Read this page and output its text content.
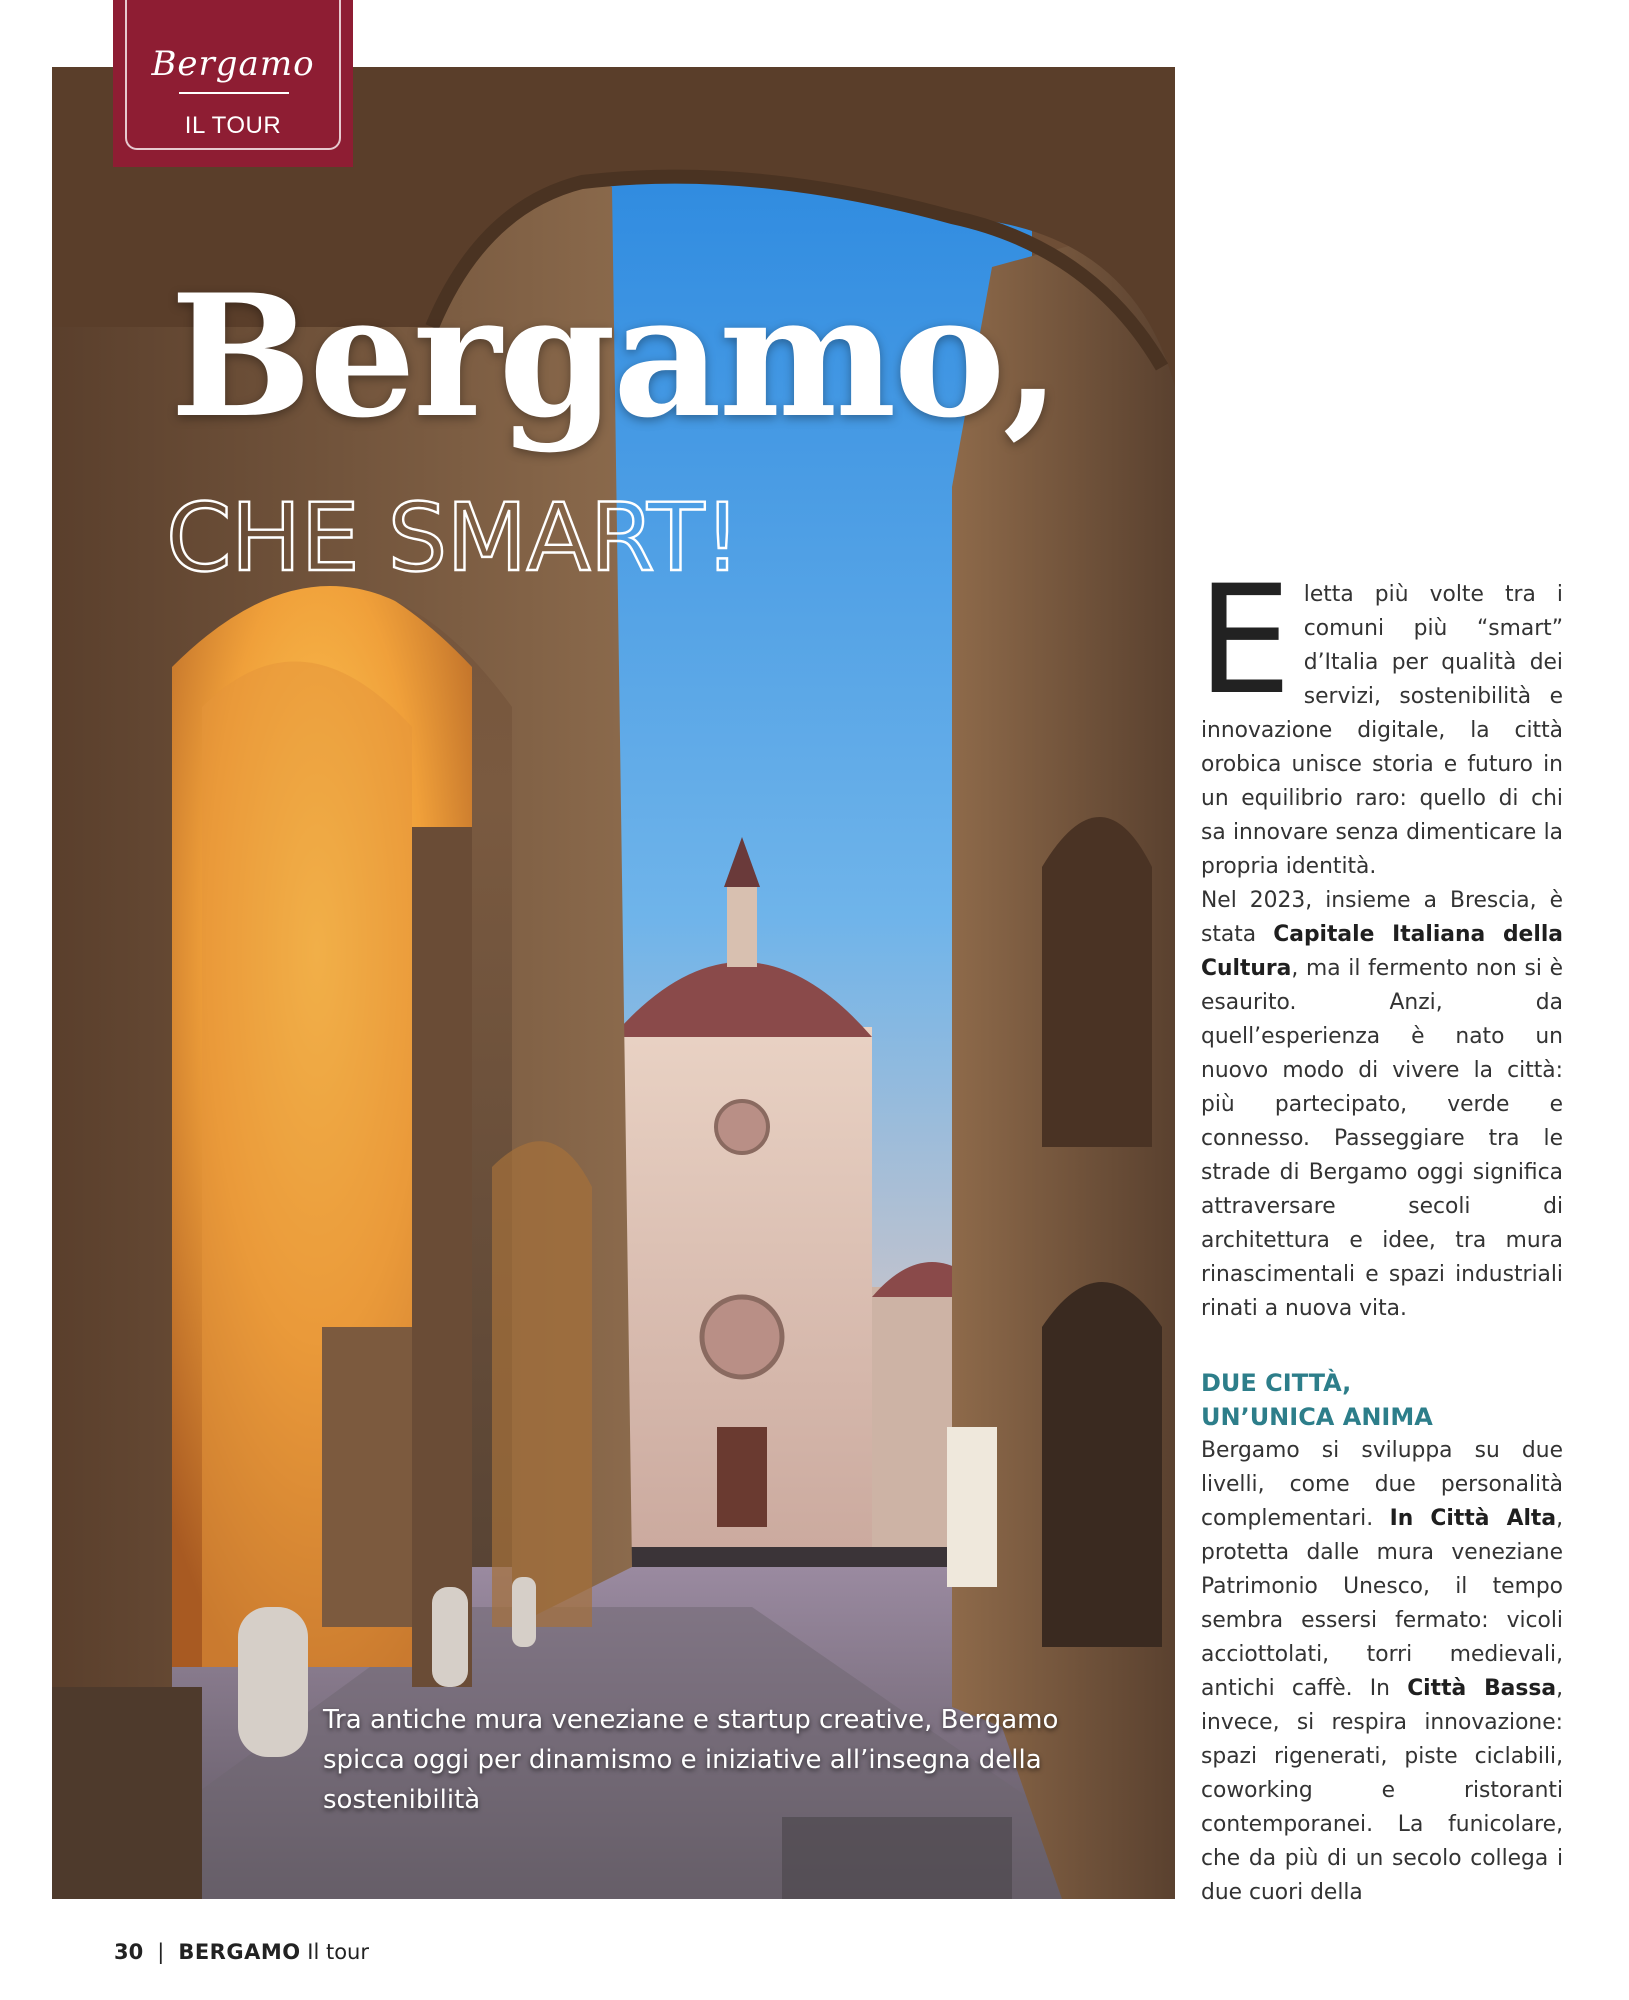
Bergamo
IL TOUR
Bergamo,
CHE SMART!

Tra antiche mura veneziane e startup creative, Bergamo spicca oggi per dinamismo e iniziative all’insegna della sostenibilità

Eletta più volte tra i comuni più “smart” d’Italia per qualità dei servizi, sostenibilità e innovazione digitale, la città orobica unisce storia e futuro in un equilibrio raro: quello di chi sa innovare senza dimenticare la propria identità.

Nel 2023, insieme a Brescia, è stata Capitale Italiana della Cultura, ma il fermento non si è esaurito. Anzi, da quell’esperienza è nato un nuovo modo di vivere la città: più partecipato, verde e connesso. Passeggiare tra le strade di Bergamo oggi significa attraversare secoli di architettura e idee, tra mura rinascimentali e spazi industriali rinati a nuova vita.

DUE CITTÀ,
UN’UNICA ANIMA

Bergamo si sviluppa su due livelli, come due personalità complementari. In Città Alta, protetta dalle mura veneziane Patrimonio Unesco, il tempo sembra essersi fermato: vicoli acciottolati, torri medievali, antichi caffè. In Città Bassa, invece, si respira innovazione: spazi rigenerati, piste ciclabili, coworking e ristoranti contemporanei. La funicolare, che da più di un secolo collega i due cuori della

30 | BERGAMO Il tour
